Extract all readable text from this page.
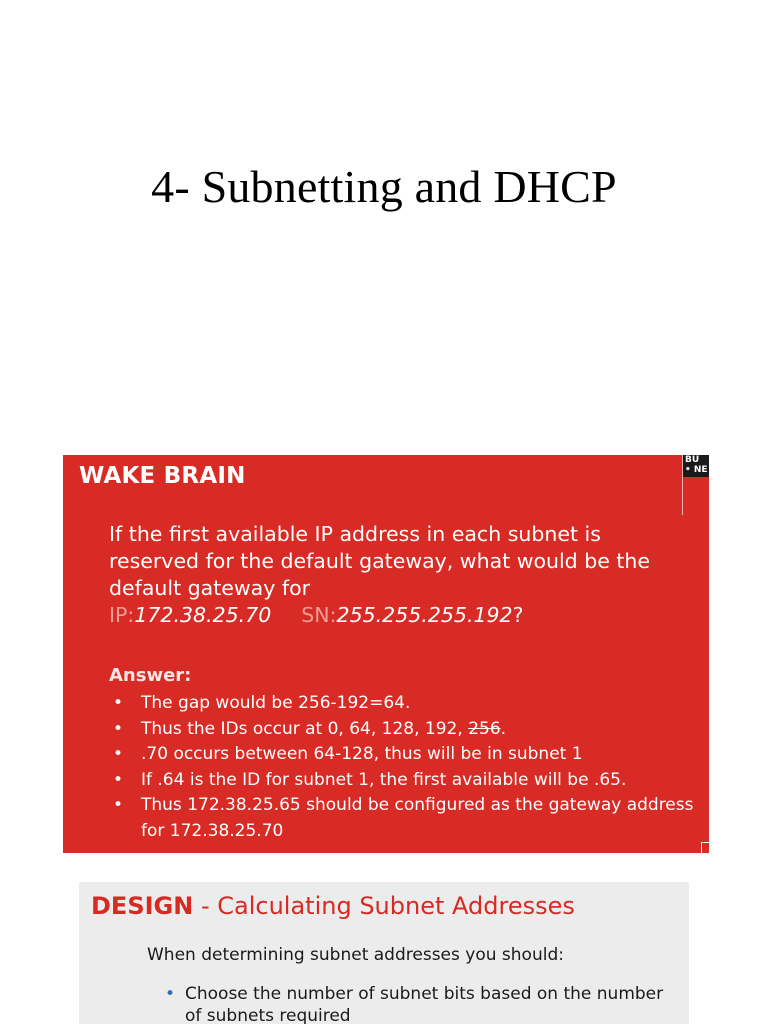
4- Subnetting and DHCP
WAKE BRAIN
BU
• NE
If the first available IP address in each subnet is
reserved for the default gateway, what would be the
default gateway for
IP:172.38.25.70 SN:255.255.255.192?
Answer:
• The gap would be 256-192=64.
• Thus the IDs occur at 0, 64, 128, 192, 256.
• .70 occurs between 64-128, thus will be in subnet 1
• If .64 is the ID for subnet 1, the first available will be .65.
• Thus 172.38.25.65 should be configured as the gateway address for 172.38.25.70
DESIGN - Calculating Subnet Addresses
When determining subnet addresses you should:
• Choose the number of subnet bits based on the number of subnets required
